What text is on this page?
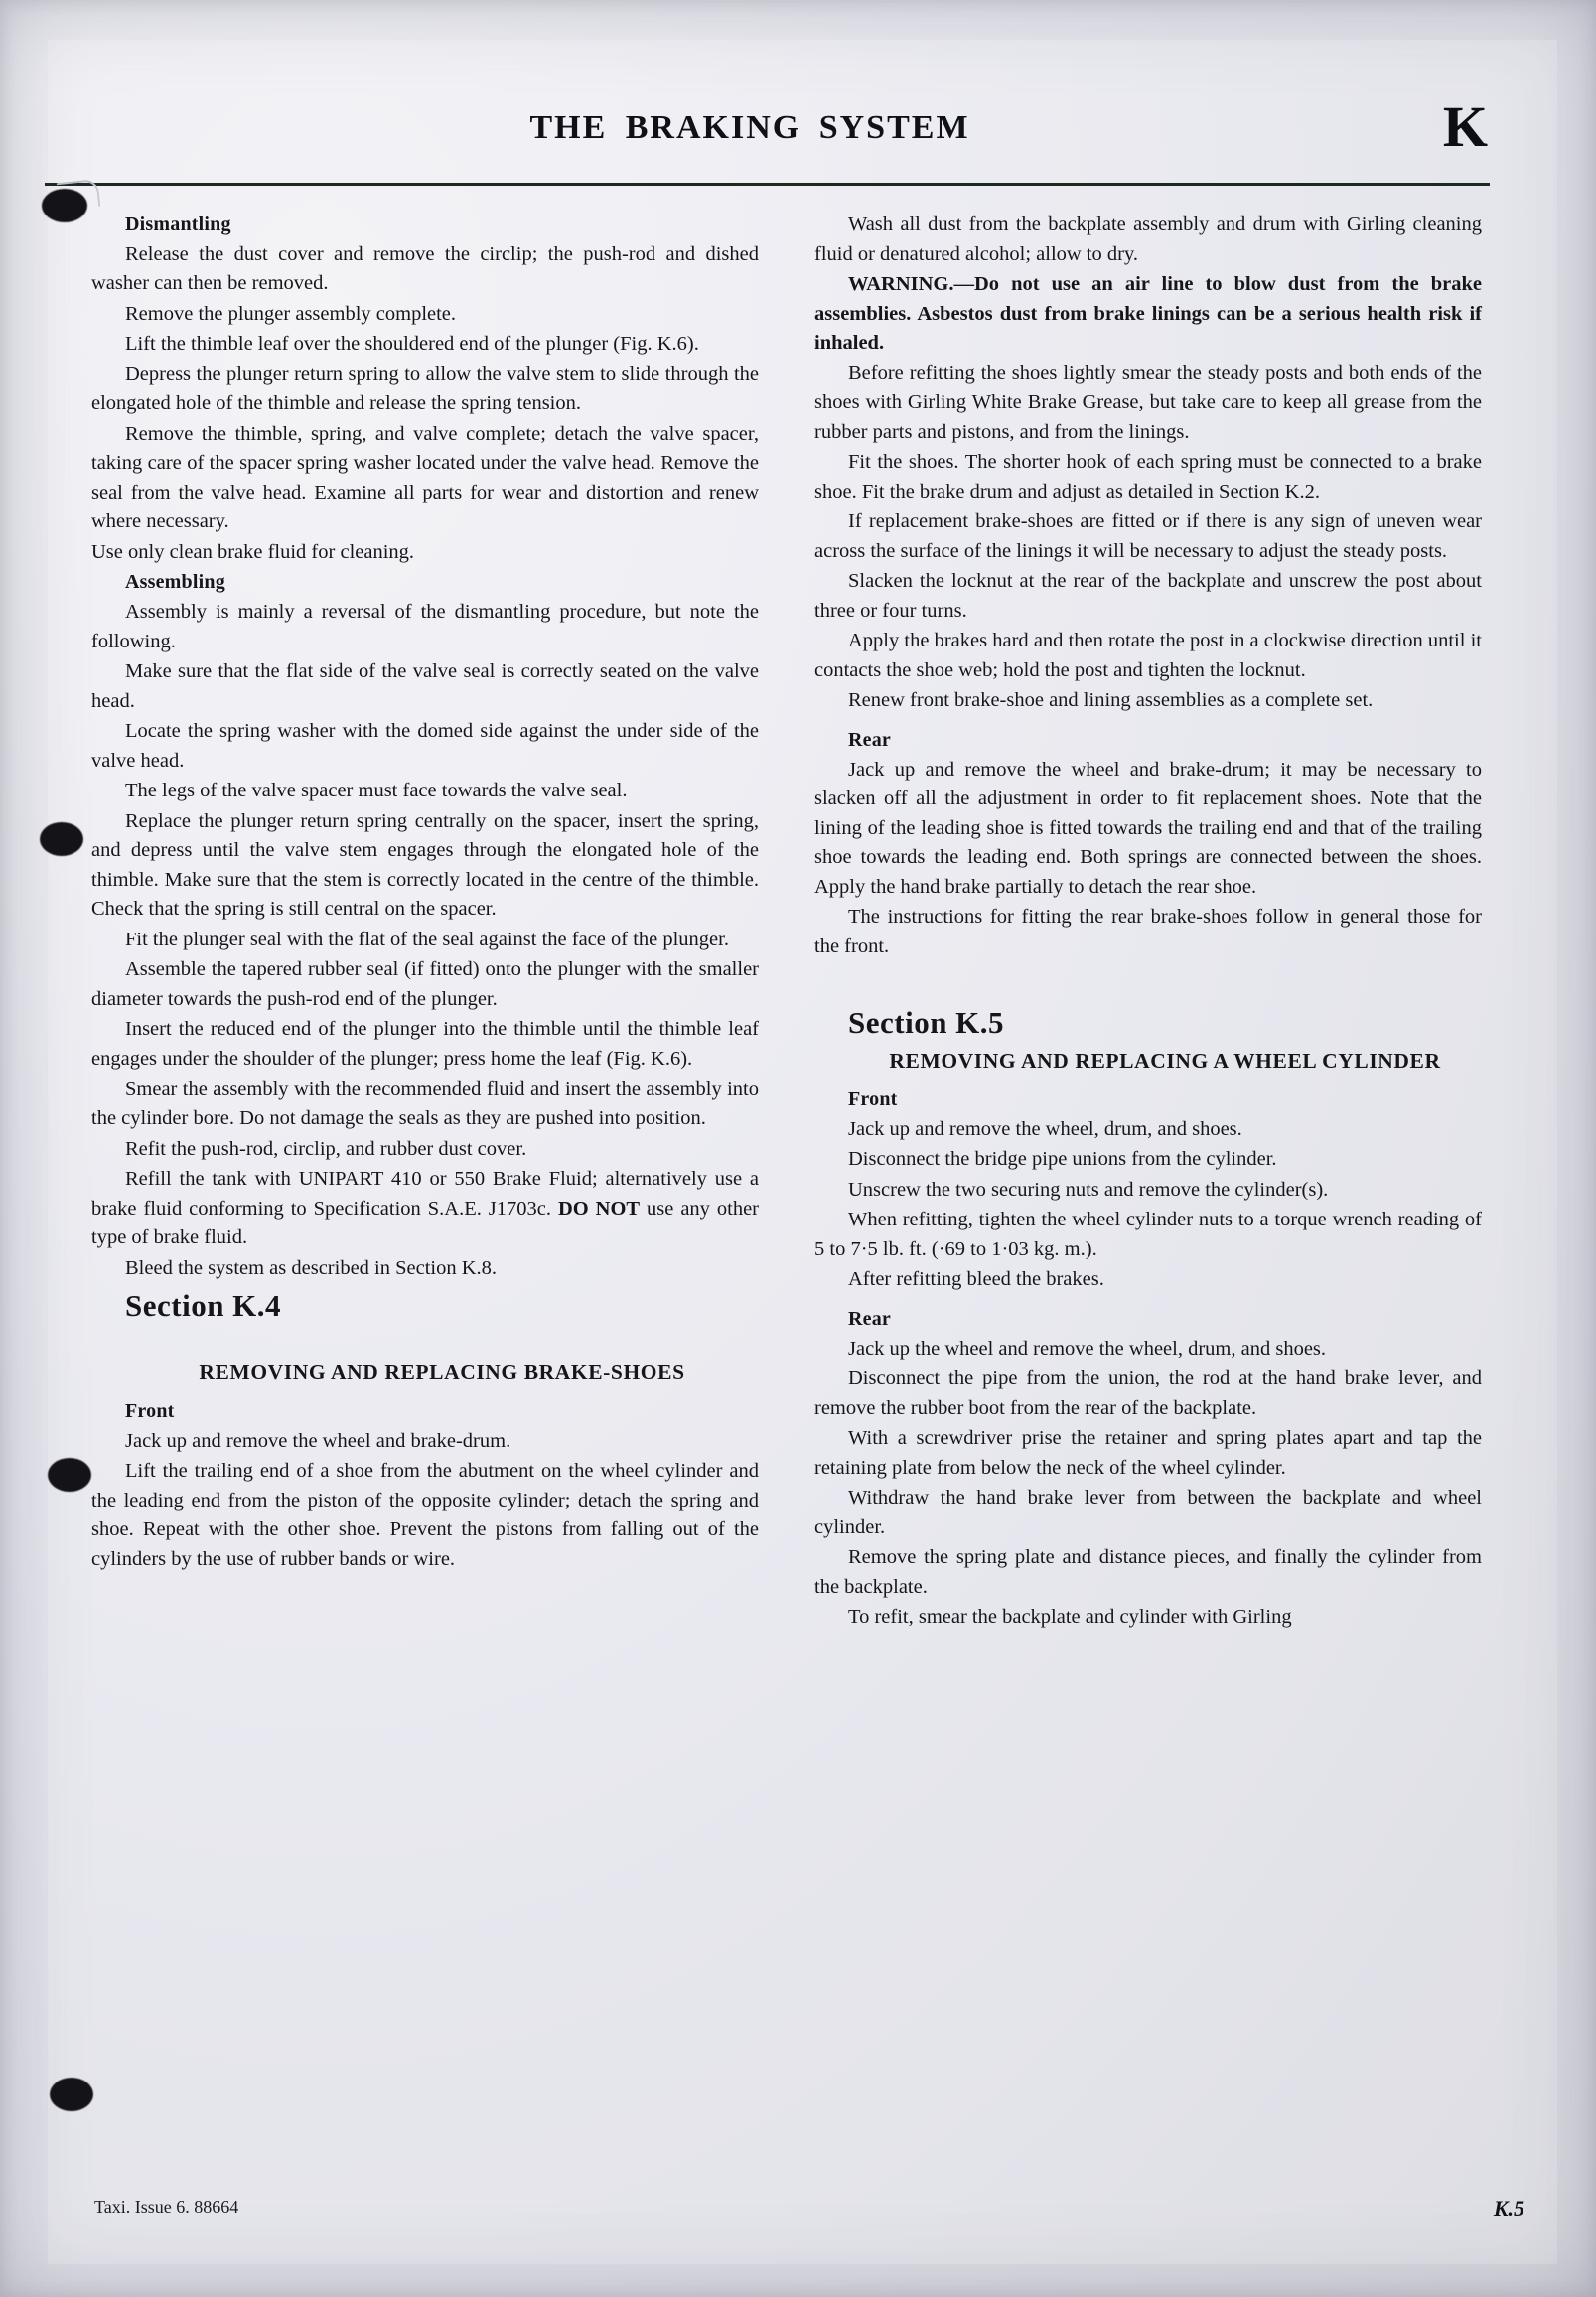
THE BRAKING SYSTEM	K

Dismantling

Release the dust cover and remove the circlip; the push-rod and dished washer can then be removed.

Remove the plunger assembly complete.

Lift the thimble leaf over the shouldered end of the plunger (Fig. K.6).

Depress the plunger return spring to allow the valve stem to slide through the elongated hole of the thimble and release the spring tension.

Remove the thimble, spring, and valve complete; detach the valve spacer, taking care of the spacer spring washer located under the valve head. Remove the seal from the valve head. Examine all parts for wear and distortion and renew where necessary.

Use only clean brake fluid for cleaning.

Assembling

Assembly is mainly a reversal of the dismantling procedure, but note the following.

Make sure that the flat side of the valve seal is correctly seated on the valve head.

Locate the spring washer with the domed side against the under side of the valve head.

The legs of the valve spacer must face towards the valve seal.

Replace the plunger return spring centrally on the spacer, insert the spring, and depress until the valve stem engages through the elongated hole of the thimble. Make sure that the stem is correctly located in the centre of the thimble. Check that the spring is still central on the spacer.

Fit the plunger seal with the flat of the seal against the face of the plunger.

Assemble the tapered rubber seal (if fitted) onto the plunger with the smaller diameter towards the push-rod end of the plunger.

Insert the reduced end of the plunger into the thimble until the thimble leaf engages under the shoulder of the plunger; press home the leaf (Fig. K.6).

Smear the assembly with the recommended fluid and insert the assembly into the cylinder bore. Do not damage the seals as they are pushed into position.

Refit the push-rod, circlip, and rubber dust cover.

Refill the tank with UNIPART 410 or 550 Brake Fluid; alternatively use a brake fluid conforming to Specification S.A.E. J1703c. DO NOT use any other type of brake fluid.

Bleed the system as described in Section K.8.

Section K.4

REMOVING AND REPLACING BRAKE-SHOES

Front

Jack up and remove the wheel and brake-drum.

Lift the trailing end of a shoe from the abutment on the wheel cylinder and the leading end from the piston of the opposite cylinder; detach the spring and shoe. Repeat with the other shoe. Prevent the pistons from falling out of the cylinders by the use of rubber bands or wire.

Wash all dust from the backplate assembly and drum with Girling cleaning fluid or denatured alcohol; allow to dry.

WARNING.—Do not use an air line to blow dust from the brake assemblies. Asbestos dust from brake linings can be a serious health risk if inhaled.

Before refitting the shoes lightly smear the steady posts and both ends of the shoes with Girling White Brake Grease, but take care to keep all grease from the rubber parts and pistons, and from the linings.

Fit the shoes. The shorter hook of each spring must be connected to a brake shoe. Fit the brake drum and adjust as detailed in Section K.2.

If replacement brake-shoes are fitted or if there is any sign of uneven wear across the surface of the linings it will be necessary to adjust the steady posts.

Slacken the locknut at the rear of the backplate and unscrew the post about three or four turns.

Apply the brakes hard and then rotate the post in a clockwise direction until it contacts the shoe web; hold the post and tighten the locknut.

Renew front brake-shoe and lining assemblies as a complete set.

Rear

Jack up and remove the wheel and brake-drum; it may be necessary to slacken off all the adjustment in order to fit replacement shoes. Note that the lining of the leading shoe is fitted towards the trailing end and that of the trailing shoe towards the leading end. Both springs are connected between the shoes. Apply the hand brake partially to detach the rear shoe.

The instructions for fitting the rear brake-shoes follow in general those for the front.

Section K.5

REMOVING AND REPLACING A WHEEL CYLINDER

Front

Jack up and remove the wheel, drum, and shoes.

Disconnect the bridge pipe unions from the cylinder.

Unscrew the two securing nuts and remove the cylinder(s).

When refitting, tighten the wheel cylinder nuts to a torque wrench reading of 5 to 7·5 lb. ft. (·69 to 1·03 kg. m.).

After refitting bleed the brakes.

Rear

Jack up the wheel and remove the wheel, drum, and shoes.

Disconnect the pipe from the union, the rod at the hand brake lever, and remove the rubber boot from the rear of the backplate.

With a screwdriver prise the retainer and spring plates apart and tap the retaining plate from below the neck of the wheel cylinder.

Withdraw the hand brake lever from between the backplate and wheel cylinder.

Remove the spring plate and distance pieces, and finally the cylinder from the backplate.

To refit, smear the backplate and cylinder with Girling

Taxi. Issue 6. 88664	K.5
